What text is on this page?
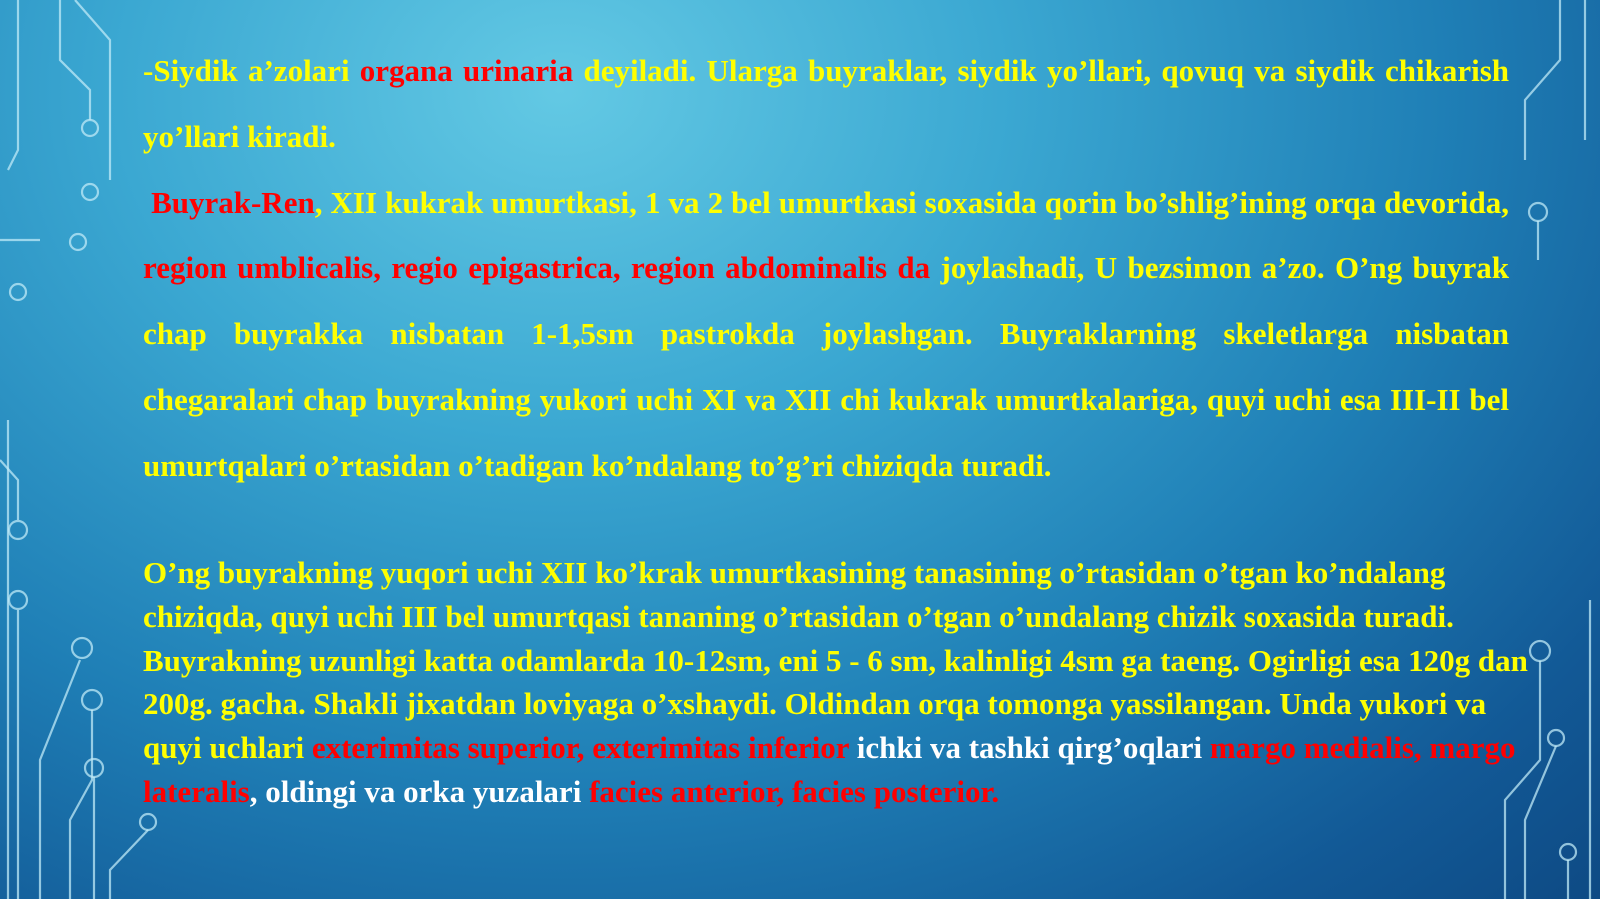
-Siydik a’zolari organa urinaria deyiladi. Ularga buyraklar, siydik yo’llari, qovuq va siydik chikarish yo’llari kiradi.

Buyrak-Ren, XII kukrak umurtkasi, 1 va 2 bel umurtkasi soxasida qorin bo’shlig’ining orqa devorida, region umblicalis, regio epigastrica, region abdominalis da joylashadi, U bezsimon a’zo. O’ng buyrak chap buyrakka nisbatan 1-1,5sm pastrokda joylashgan. Buyraklarning skeletlarga nisbatan chegaralari chap buyrakning yukori uchi XI va XII chi kukrak umurtkalariga, quyi uchi esa III-II bel umurtqalari o’rtasidan o’tadigan ko’ndalang to’g’ri chiziqda turadi.

O’ng buyrakning yuqori uchi XII ko’krak umurtkasining tanasining o’rtasidan o’tgan ko’ndalang chiziqda, quyi uchi III bel umurtqasi tananing o’rtasidan o’tgan o’undalang chizik soxasida turadi. Buyrakning uzunligi katta odamlarda 10-12sm, eni 5 - 6 sm, kalinligi 4sm ga taeng. Ogirligi esa 120g dan 200g. gacha. Shakli jixatdan loviyaga o’xshaydi. Oldindan orqa tomonga yassilangan. Unda yukori va quyi uchlari exterimitas superior, exterimitas inferior ichki va tashki qirg’oqlari margo medialis, margo lateralis, oldingi va orka yuzalari facies anterior, facies posterior.
